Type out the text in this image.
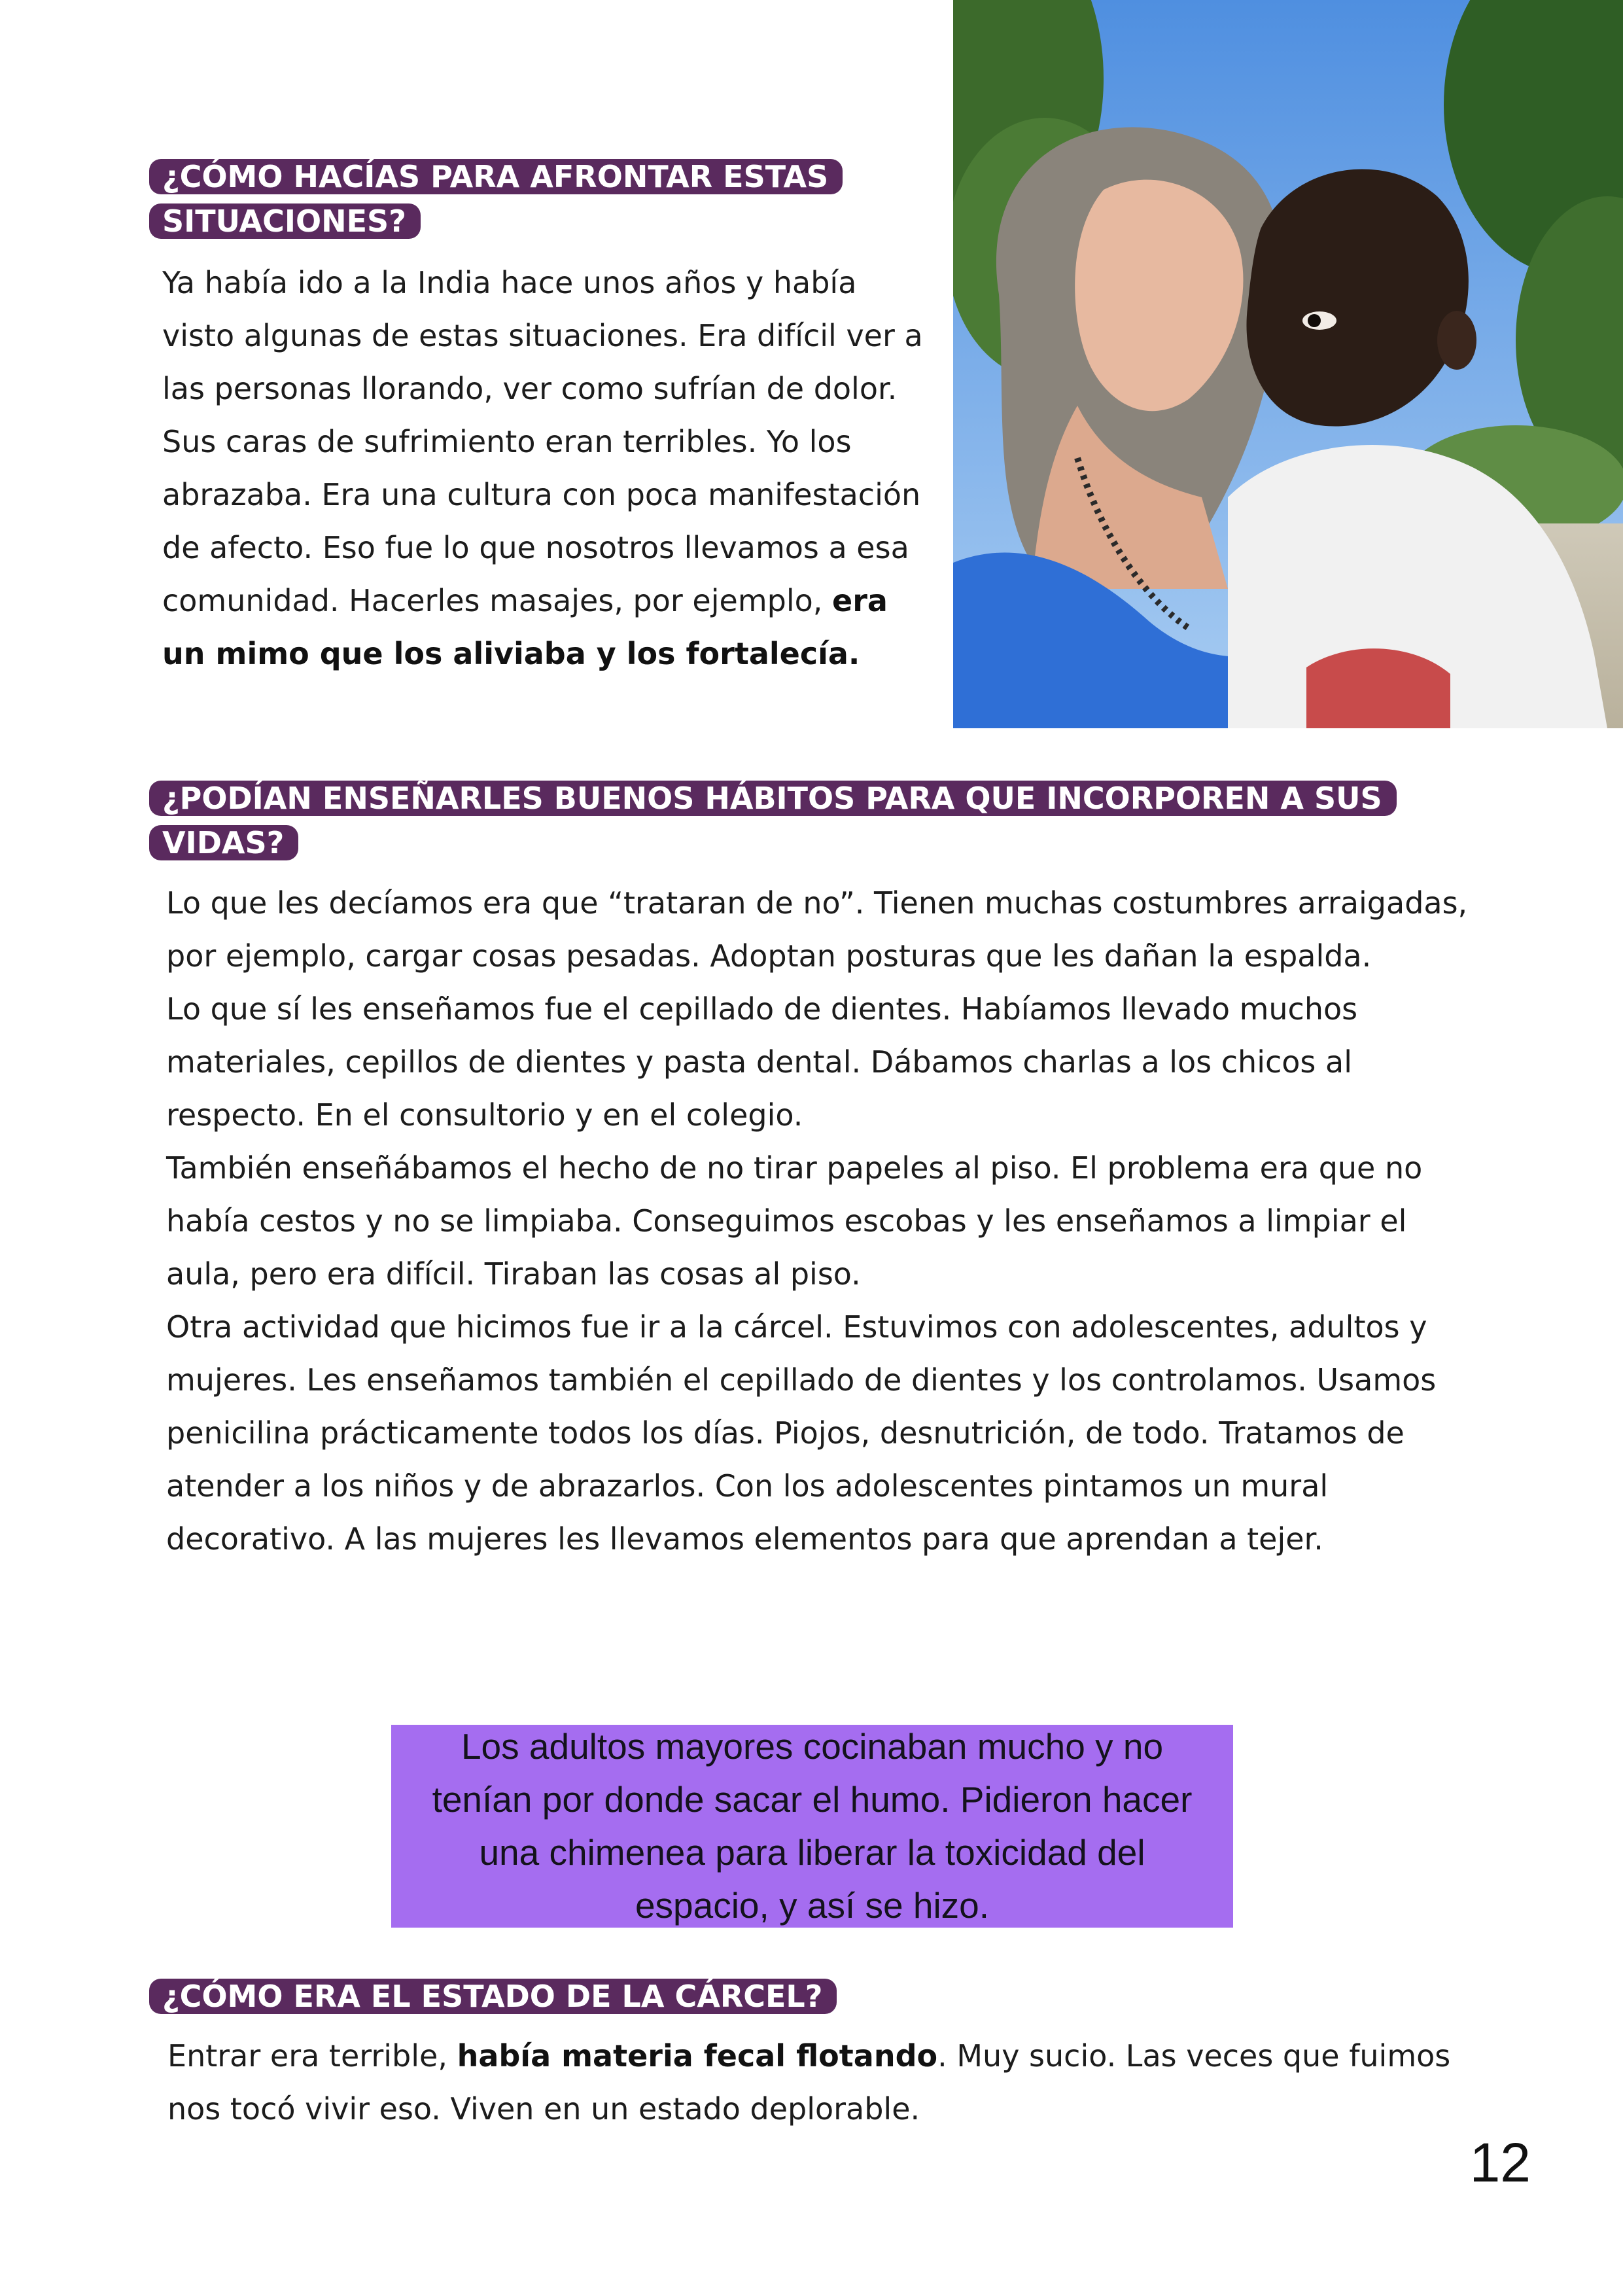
¿CÓMO HACÍAS PARA AFRONTAR ESTAS SITUACIONES?

Ya había ido a la India hace unos años y había visto algunas de estas situaciones. Era difícil ver a las personas llorando, ver como sufrían de dolor. Sus caras de sufrimiento eran terribles. Yo los abrazaba. Era una cultura con poca manifestación de afecto. Eso fue lo que nosotros llevamos a esa comunidad. Hacerles masajes, por ejemplo, era un mimo que los aliviaba y los fortalecía.

¿PODÍAN ENSEÑARLES BUENOS HÁBITOS PARA QUE INCORPOREN A SUS VIDAS?

Lo que les decíamos era que “trataran de no”. Tienen muchas costumbres arraigadas, por ejemplo, cargar cosas pesadas. Adoptan posturas que les dañan la espalda.

Lo que sí les enseñamos fue el cepillado de dientes. Habíamos llevado muchos materiales, cepillos de dientes y pasta dental. Dábamos charlas a los chicos al respecto. En el consultorio y en el colegio.

También enseñábamos el hecho de no tirar papeles al piso. El problema era que no había cestos y no se limpiaba. Conseguimos escobas y les enseñamos a limpiar el aula, pero era difícil. Tiraban las cosas al piso.

Otra actividad que hicimos fue ir a la cárcel. Estuvimos con adolescentes, adultos y mujeres. Les enseñamos también el cepillado de dientes y los controlamos. Usamos penicilina prácticamente todos los días. Piojos, desnutrición, de todo. Tratamos de atender a los niños y de abrazarlos. Con los adolescentes pintamos un mural decorativo. A las mujeres les llevamos elementos para que aprendan a tejer.

Los adultos mayores cocinaban mucho y no tenían por donde sacar el humo. Pidieron hacer una chimenea para liberar la toxicidad del espacio, y así se hizo.

¿CÓMO ERA EL ESTADO DE LA CÁRCEL?

Entrar era terrible, había materia fecal flotando. Muy sucio. Las veces que fuimos nos tocó vivir eso. Viven en un estado deplorable.

12
